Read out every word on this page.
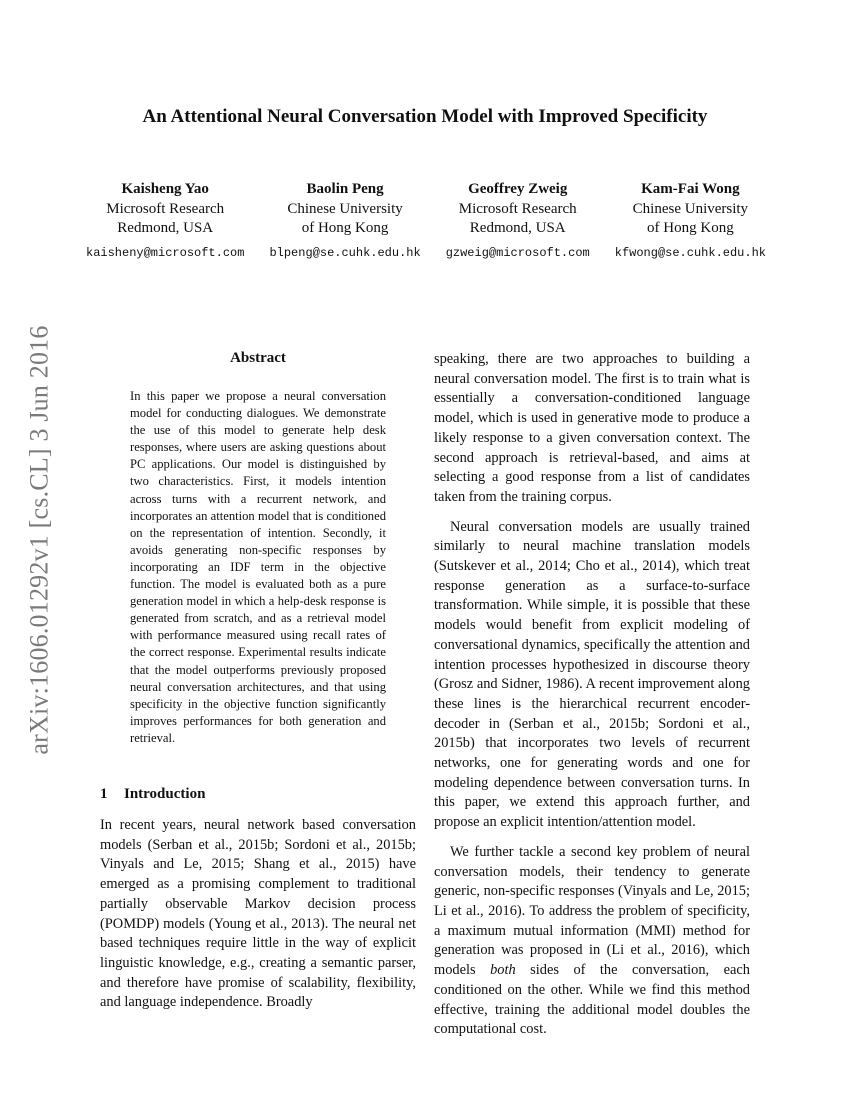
arXiv:1606.01292v1 [cs.CL] 3 Jun 2016
An Attentional Neural Conversation Model with Improved Specificity
Kaisheng Yao
Microsoft Research
Redmond, USA
kaisheny@microsoft.com
Baolin Peng
Chinese University
of Hong Kong
blpeng@se.cuhk.edu.hk
Geoffrey Zweig
Microsoft Research
Redmond, USA
gzweig@microsoft.com
Kam-Fai Wong
Chinese University
of Hong Kong
kfwong@se.cuhk.edu.hk
Abstract
In this paper we propose a neural conversation model for conducting dialogues. We demonstrate the use of this model to generate help desk responses, where users are asking questions about PC applications. Our model is distinguished by two characteristics. First, it models intention across turns with a recurrent network, and incorporates an attention model that is conditioned on the representation of intention. Secondly, it avoids generating non-specific responses by incorporating an IDF term in the objective function. The model is evaluated both as a pure generation model in which a help-desk response is generated from scratch, and as a retrieval model with performance measured using recall rates of the correct response. Experimental results indicate that the model outperforms previously proposed neural conversation architectures, and that using specificity in the objective function significantly improves performances for both generation and retrieval.
1 Introduction

In recent years, neural network based conversation models (Serban et al., 2015b; Sordoni et al., 2015b; Vinyals and Le, 2015; Shang et al., 2015) have emerged as a promising complement to traditional partially observable Markov decision process (POMDP) models (Young et al., 2013). The neural net based techniques require little in the way of explicit linguistic knowledge, e.g., creating a semantic parser, and therefore have promise of scalability, flexibility, and language independence. Broadly

speaking, there are two approaches to building a neural conversation model. The first is to train what is essentially a conversation-conditioned language model, which is used in generative mode to produce a likely response to a given conversation context. The second approach is retrieval-based, and aims at selecting a good response from a list of candidates taken from the training corpus.

Neural conversation models are usually trained similarly to neural machine translation models (Sutskever et al., 2014; Cho et al., 2014), which treat response generation as a surface-to-surface transformation. While simple, it is possible that these models would benefit from explicit modeling of conversational dynamics, specifically the attention and intention processes hypothesized in discourse theory (Grosz and Sidner, 1986). A recent improvement along these lines is the hierarchical recurrent encoder-decoder in (Serban et al., 2015b; Sordoni et al., 2015b) that incorporates two levels of recurrent networks, one for generating words and one for modeling dependence between conversation turns. In this paper, we extend this approach further, and propose an explicit intention/attention model.

We further tackle a second key problem of neural conversation models, their tendency to generate generic, non-specific responses (Vinyals and Le, 2015; Li et al., 2016). To address the problem of specificity, a maximum mutual information (MMI) method for generation was proposed in (Li et al., 2016), which models both sides of the conversation, each conditioned on the other. While we find this method effective, training the additional model doubles the computational cost.
